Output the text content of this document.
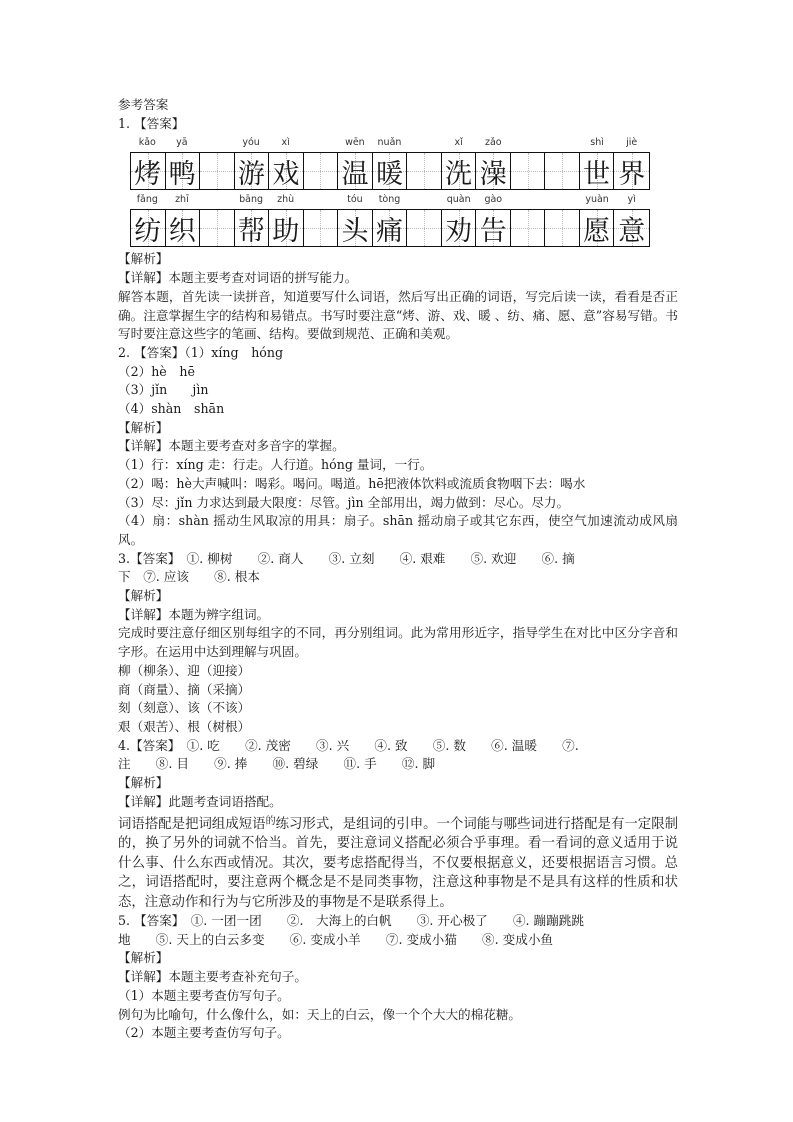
参考答案
1. 【答案】
kǎo	yā	yóu	xì	wēn	nuǎn	xǐ	zǎo	shì	jiè
烤 鸭 游 戏 温 暖 洗 澡	世 界
fǎng	zhī	bāng	zhù	tóu	tòng	quàn	gào	yuàn	yì
纺 织 帮 助 头 痛 劝 告	愿 意
【解析】
【详解】本题主要考查对词语的拼写能力。
解答本题，首先读一读拼音，知道要写什么词语，然后写出正确的词语，写完后读一读，看看是否正确。注意掌握生字的结构和易错点。书写时要注意“烤、游、戏、暖 、纺、痛、愿、意”容易写错。书写时要注意这些字的笔画、结构。要做到规范、正确和美观。
2. 【答案】（1）xíng　hóng
（2）hè　hē
（3）jǐn　　jìn
（4）shàn　shān
【解析】
【详解】本题主要考查对多音字的掌握。
（1）行：xíng 走：行走。人行道。hóng 量词，一行。
（2）喝：hè大声喊叫：喝彩。喝问。喝道。hē把液体饮料或流质食物咽下去：喝水
（3）尽：jǐn 力求达到最大限度：尽管。jìn 全部用出，竭力做到：尽心。尽力。
（4）扇：shàn 摇动生风取凉的用具：扇子。shān 摇动扇子或其它东西，使空气加速流动成风扇风。
3.【答案】　①. 柳树　　②. 商人　　③. 立刻　　④. 艰难　　⑤. 欢迎　　⑥. 摘
下　⑦. 应该　　⑧. 根本
【解析】
【详解】本题为辨字组词。
完成时要注意仔细区别每组字的不同，再分别组词。此为常用形近字，指导学生在对比中区分字音和字形。在运用中达到理解与巩固。
柳（柳条）、迎（迎接）
商（商量）、摘（采摘）
刻（刻意）、该（不该）
艰（艰苦）、根（树根）
4.【答案】　①. 吃　　②. 茂密　　③. 兴　　④. 致　　⑤. 数　　⑥. 温暖　　⑦.
注　　⑧. 目　　⑨. 捧　　⑩. 碧绿　　⑪. 手　　⑫. 脚
【解析】
【详解】此题考查词语搭配。
词语搭配是把词组成短语$^的$练习形式，是组词的引申。一个词能与哪些词进行搭配是有一定限制的，换了另外的词就不恰当。首先，要注意词义搭配必须合乎事理。看一看词的意义适用于说什么事、什么东西或情况。其次，要考虑搭配得当，不仅要根据意义，还要根据语言习惯。总之，词语搭配时，要注意两个概念是不是同类事物，注意这种事物是不是具有这样的性质和状态，注意动作和行为与它所涉及的事物是不是联系得上。
5. 【答案】　①. 一团一团　　②.　大海上的白帆　　③. 开心极了　　④. 蹦蹦跳跳
地　　⑤. 天上的白云多变　　⑥. 变成小羊　　⑦. 变成小猫　　⑧. 变成小鱼
【解析】
【详解】本题主要考查补充句子。
（1）本题主要考查仿写句子。
例句为比喻句，什么像什么，如：天上的白云，像一个个大大的棉花糖。
（2）本题主要考查仿写句子。
